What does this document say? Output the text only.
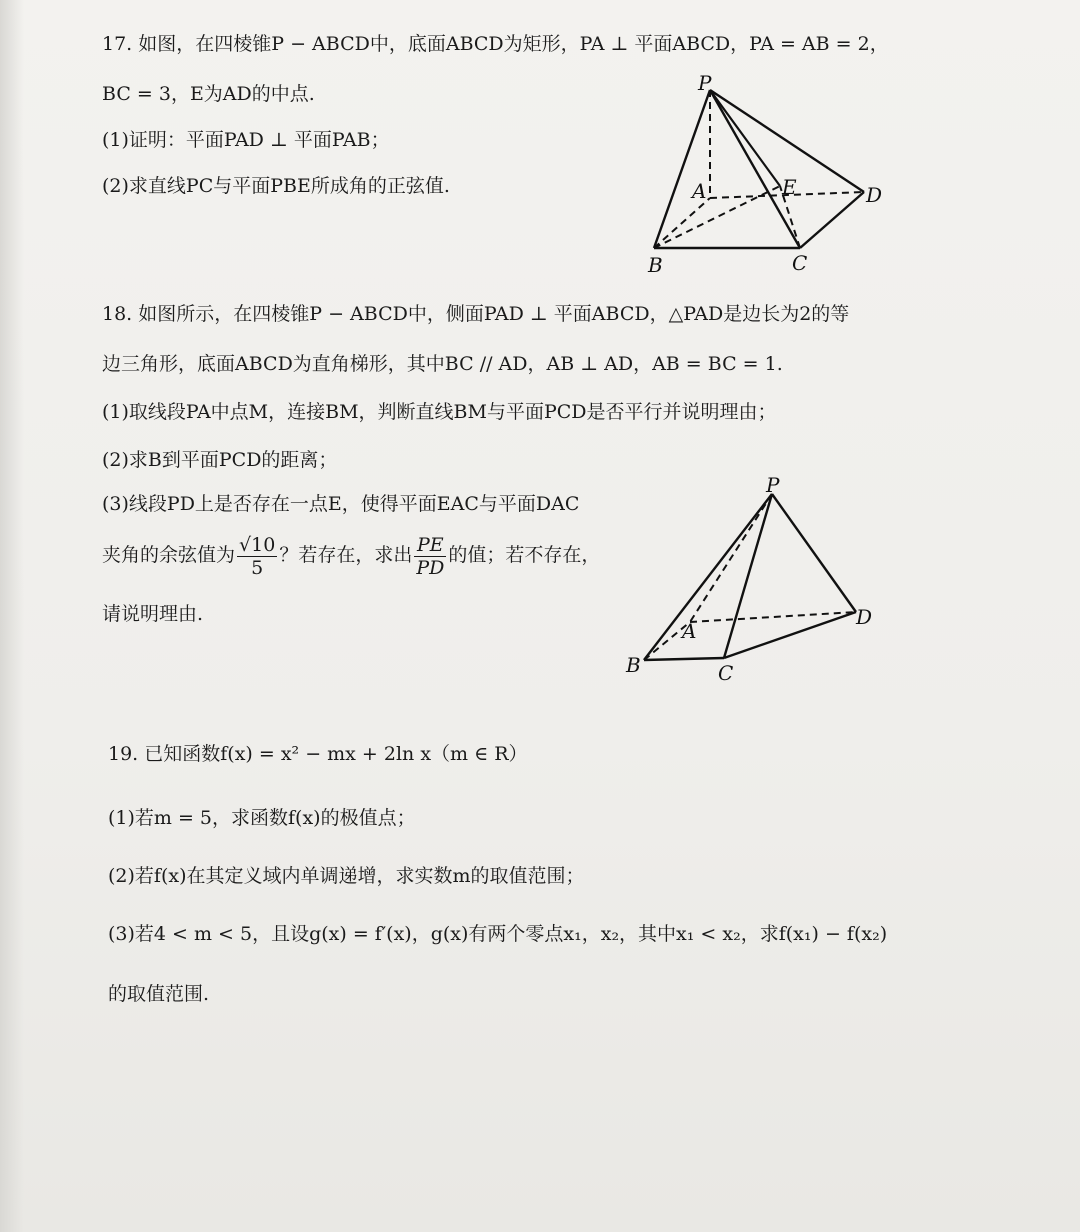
17. 如图，在四棱锥P − ABCD中，底面ABCD为矩形，PA ⊥ 平面ABCD，PA = AB = 2，
BC = 3，E为AD的中点.
(1)证明：平面PAD ⊥ 平面PAB；
(2)求直线PC与平面PBE所成角的正弦值.
P
A	E	D
B	C
18. 如图所示，在四棱锥P − ABCD中，侧面PAD ⊥ 平面ABCD，△PAD是边长为2的等
边三角形，底面ABCD为直角梯形，其中BC // AD，AB ⊥ AD，AB = BC = 1.
(1)取线段PA中点M，连接BM，判断直线BM与平面PCD是否平行并说明理由；
(2)求B到平面PCD的距离；
(3)线段PD上是否存在一点E，使得平面EAC与平面DAC
夹角的余弦值为 $\frac{√10}{5}$ ？若存在，求出 $\frac{PE}{PD}$ 的值；若不存在，
请说明理由.
P
A
D
B	C
19. 已知函数f(x) = x² − mx + 2ln x（m ∈ R）
(1)若m = 5，求函数f(x)的极值点；
(2)若f(x)在其定义域内单调递增，求实数m的取值范围；
(3)若4 < m < 5，且设g(x) = f′(x)，g(x)有两个零点x₁，x₂，其中x₁ < x₂，求f(x₁) − f(x₂)
的取值范围.
